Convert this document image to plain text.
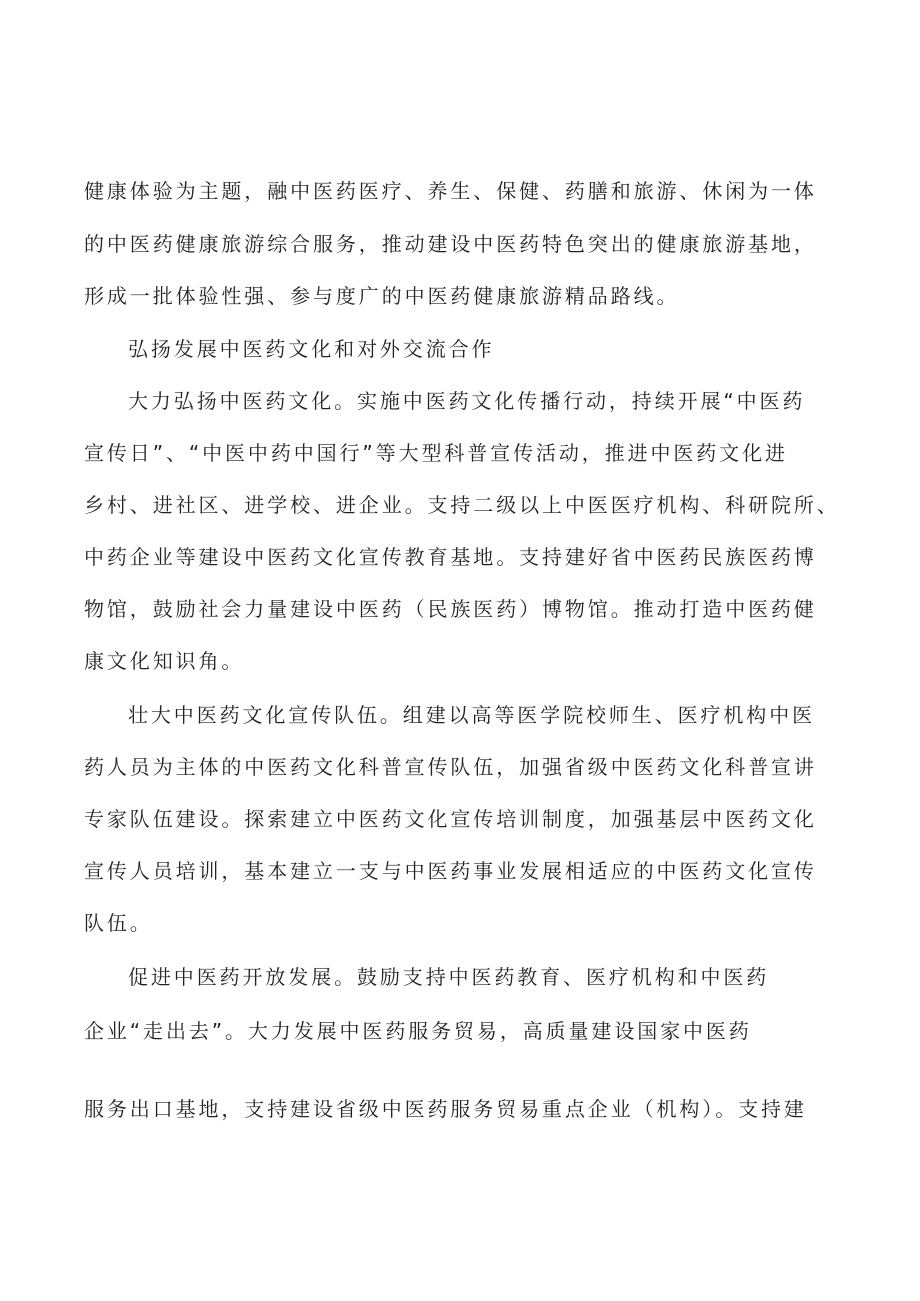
健康体验为主题，融中医药医疗、养生、保健、药膳和旅游、休闲为一体
的中医药健康旅游综合服务，推动建设中医药特色突出的健康旅游基地，
形成一批体验性强、参与度广的中医药健康旅游精品路线。
弘扬发展中医药文化和对外交流合作
大力弘扬中医药文化。实施中医药文化传播行动，持续开展“中医药
宣传日”、“中医中药中国行”等大型科普宣传活动，推进中医药文化进
乡村、进社区、进学校、进企业。支持二级以上中医医疗机构、科研院所、
中药企业等建设中医药文化宣传教育基地。支持建好省中医药民族医药博
物馆，鼓励社会力量建设中医药（民族医药）博物馆。推动打造中医药健
康文化知识角。
壮大中医药文化宣传队伍。组建以高等医学院校师生、医疗机构中医
药人员为主体的中医药文化科普宣传队伍，加强省级中医药文化科普宣讲
专家队伍建设。探索建立中医药文化宣传培训制度，加强基层中医药文化
宣传人员培训，基本建立一支与中医药事业发展相适应的中医药文化宣传
队伍。
促进中医药开放发展。鼓励支持中医药教育、医疗机构和中医药
企业“走出去”。大力发展中医药服务贸易，高质量建设国家中医药
服务出口基地，支持建设省级中医药服务贸易重点企业（机构）。支持建
